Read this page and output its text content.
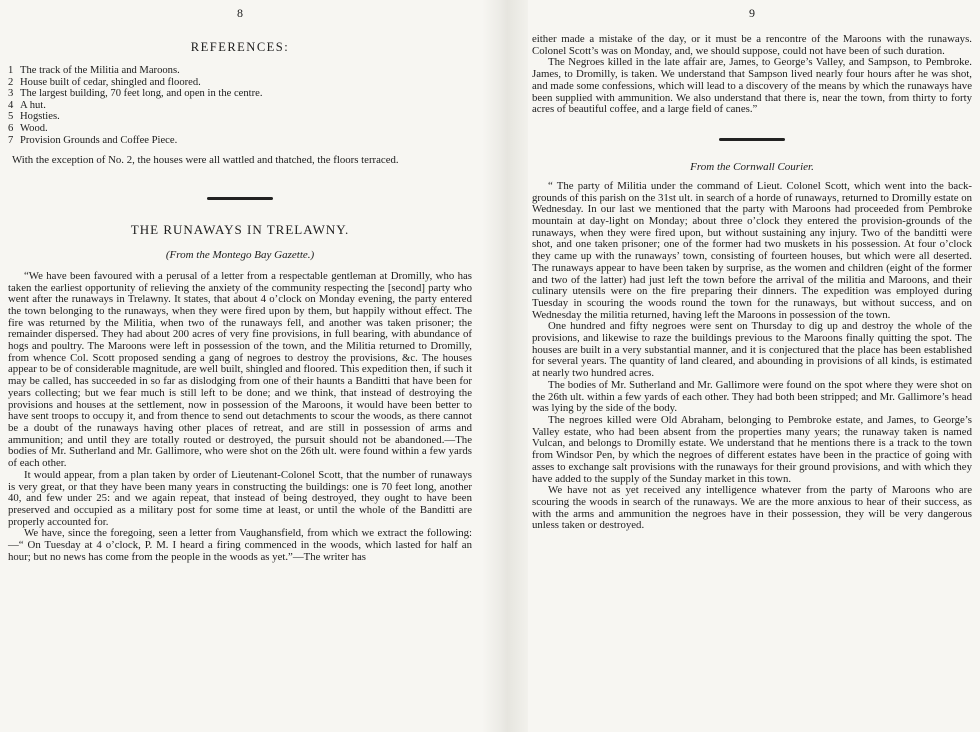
8
REFERENCES:
1 The track of the Militia and Maroons.
2 House built of cedar, shingled and floored.
3 The largest building, 70 feet long, and open in the centre.
4 A hut.
5 Hogsties.
6 Wood.
7 Provision Grounds and Coffee Piece.

With the exception of No. 2, the houses were all wattled and thatched, the floors terraced.

THE RUNAWAYS IN TRELAWNY.

(From the Montego Bay Gazette.)

“We have been favoured with a perusal of a letter from a respectable gentleman at Dromilly, who has taken the earliest opportunity of relieving the anxiety of the community respecting the [second] party who went after the runaways in Trelawny. It states, that about 4 o’clock on Monday evening, the party entered the town belonging to the runaways, when they were fired upon by them, but happily without effect. The fire was returned by the Militia, when two of the runaways fell, and another was taken prisoner; the remainder dispersed. They had about 200 acres of very fine provisions, in full bearing, with abundance of hogs and poultry. The Maroons were left in possession of the town, and the Militia returned to Dromilly, from whence Col. Scott proposed sending a gang of negroes to destroy the provisions, &c. The houses appear to be of considerable magnitude, are well built, shingled and floored. This expedition then, if such it may be called, has succeeded in so far as dislodging from one of their haunts a Banditti that have been for years collecting; but we fear much is still left to be done; and we think, that instead of destroying the provisions and houses at the settlement, now in possession of the Maroons, it would have been better to have sent troops to occupy it, and from thence to send out detachments to scour the woods, as there cannot be a doubt of the runaways having other places of retreat, and are still in possession of arms and ammunition; and until they are totally routed or destroyed, the pursuit should not be abandoned.—The bodies of Mr. Sutherland and Mr. Gallimore, who were shot on the 26th ult. were found within a few yards of each other.

It would appear, from a plan taken by order of Lieutenant-Colonel Scott, that the number of runaways is very great, or that they have been many years in constructing the buildings: one is 70 feet long, another 40, and few under 25: and we again repeat, that instead of being destroyed, they ought to have been preserved and occupied as a military post for some time at least, or until the whole of the Banditti are properly accounted for.

We have, since the foregoing, seen a letter from Vaughansfield, from which we extract the following:—“ On Tuesday at 4 o’clock, P. M. I heard a firing commenced in the woods, which lasted for half an hour; but no news has come from the people in the woods as yet.”—The writer has

9

either made a mistake of the day, or it must be a rencontre of the Maroons with the runaways. Colonel Scott’s was on Monday, and, we should suppose, could not have been of such duration.

The Negroes killed in the late affair are, James, to George’s Valley, and Sampson, to Pembroke. James, to Dromilly, is taken. We understand that Sampson lived nearly four hours after he was shot, and made some confessions, which will lead to a discovery of the means by which the runaways have been supplied with ammunition. We also understand that there is, near the town, from thirty to forty acres of beautiful coffee, and a large field of canes.”

From the Cornwall Courier.

“ The party of Militia under the command of Lieut. Colonel Scott, which went into the back-grounds of this parish on the 31st ult. in search of a horde of runaways, returned to Dromilly estate on Wednesday. In our last we mentioned that the party with Maroons had proceeded from Pembroke mountain at day-light on Monday; about three o’clock they entered the provision-grounds of the runaways, when they were fired upon, but without sustaining any injury. Two of the banditti were shot, and one taken prisoner; one of the former had two muskets in his possession. At four o’clock they came up with the runaways’ town, consisting of fourteen houses, but which were all deserted. The runaways appear to have been taken by surprise, as the women and children (eight of the former and two of the latter) had just left the town before the arrival of the militia and Maroons, and their culinary utensils were on the fire preparing their dinners. The expedition was employed during Tuesday in scouring the woods round the town for the runaways, but without success, and on Wednesday the militia returned, having left the Maroons in possession of the town.

One hundred and fifty negroes were sent on Thursday to dig up and destroy the whole of the provisions, and likewise to raze the buildings previous to the Maroons finally quitting the spot. The houses are built in a very substantial manner, and it is conjectured that the place has been established for several years. The quantity of land cleared, and abounding in provisions of all kinds, is estimated at nearly two hundred acres.

The bodies of Mr. Sutherland and Mr. Gallimore were found on the spot where they were shot on the 26th ult. within a few yards of each other. They had both been stripped; and Mr. Gallimore’s head was lying by the side of the body.

The negroes killed were Old Abraham, belonging to Pembroke estate, and James, to George’s Valley estate, who had been absent from the properties many years; the runaway taken is named Vulcan, and belongs to Dromilly estate. We understand that he mentions there is a track to the town from Windsor Pen, by which the negroes of different estates have been in the practice of going with asses to exchange salt provisions with the runaways for their ground provisions, and with which they have added to the supply of the Sunday market in this town.

We have not as yet received any intelligence whatever from the party of Maroons who are scouring the woods in search of the runaways. We are the more anxious to hear of their success, as with the arms and ammunition the negroes have in their possession, they will be very dangerous unless taken or destroyed.
